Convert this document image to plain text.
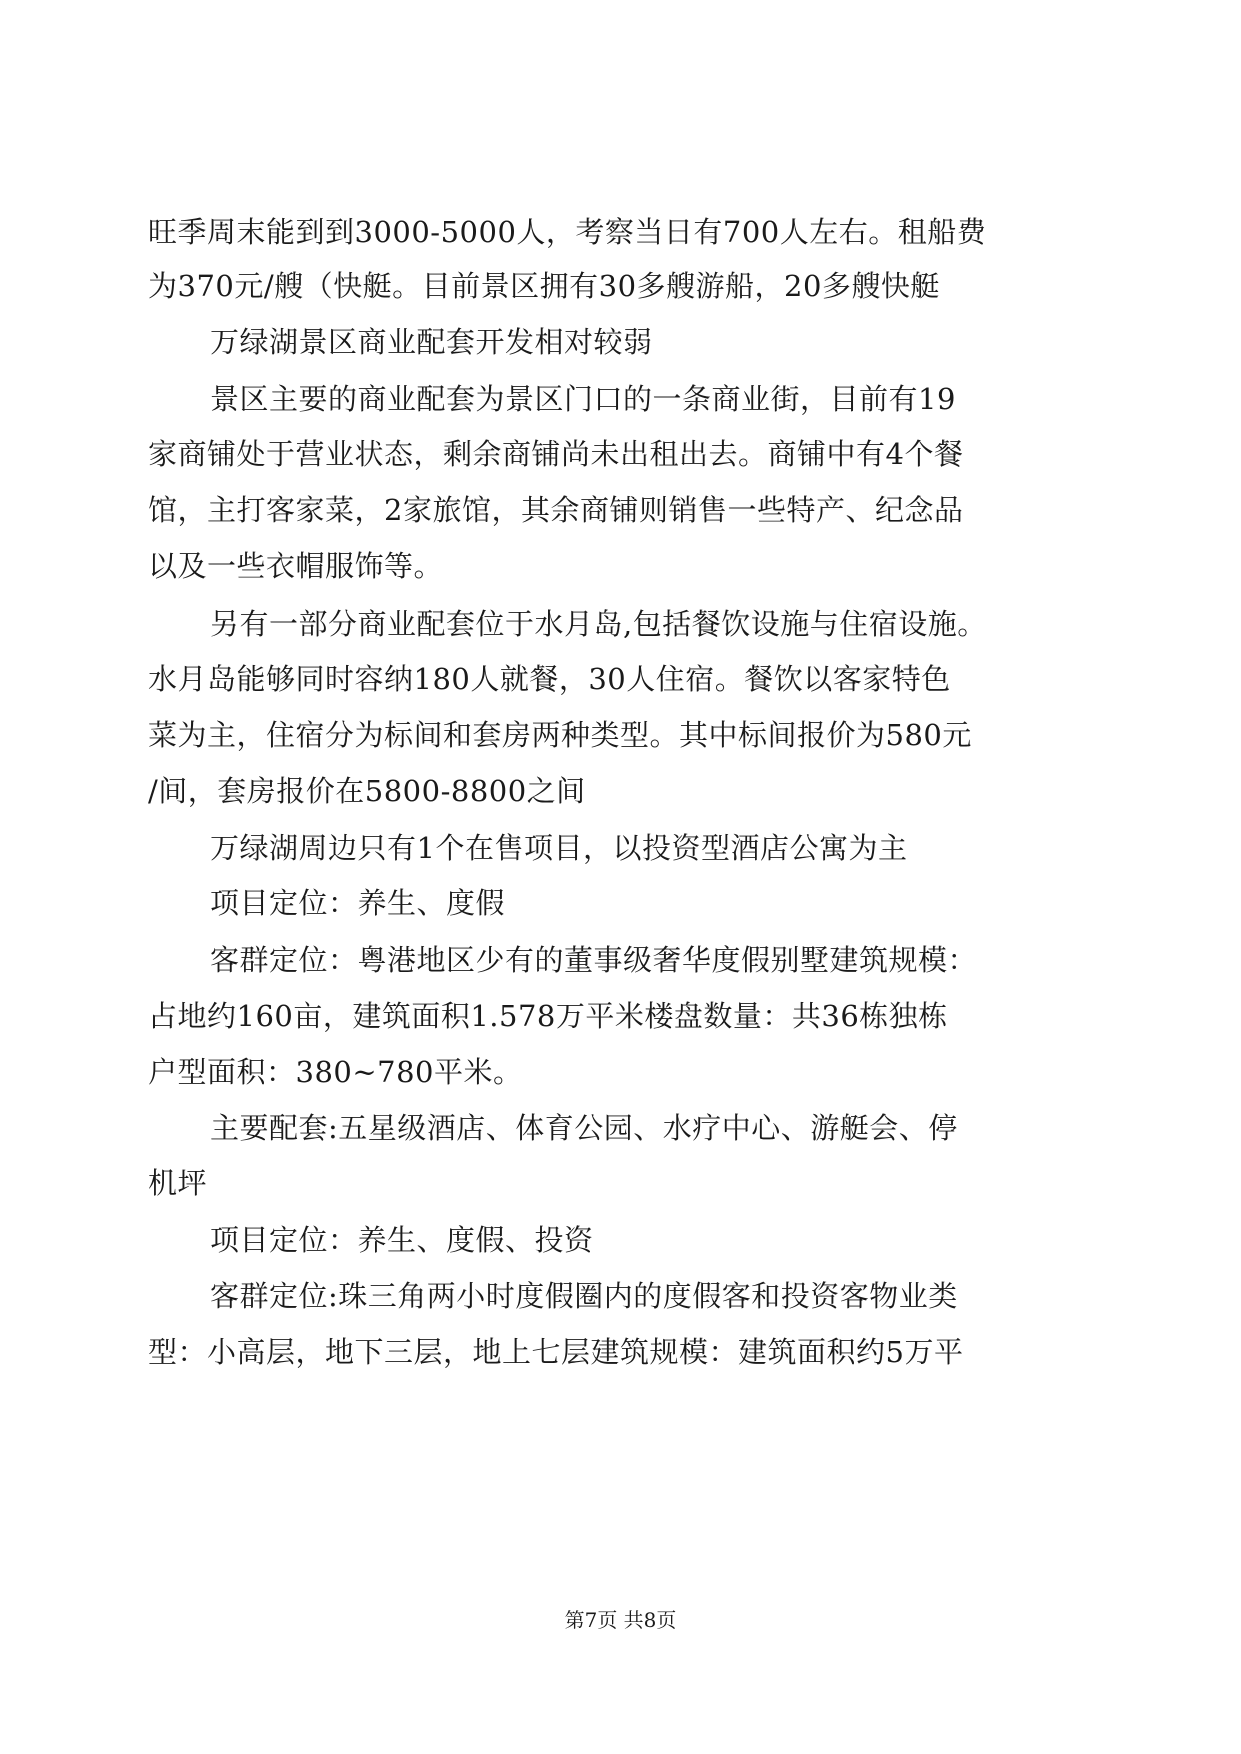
旺季周末能到到3000-5000人，考察当日有700人左右。租船费
为370元/艘（快艇。目前景区拥有30多艘游船，20多艘快艇
万绿湖景区商业配套开发相对较弱
景区主要的商业配套为景区门口的一条商业街，目前有19
家商铺处于营业状态，剩余商铺尚未出租出去。商铺中有4个餐
馆，主打客家菜，2家旅馆，其余商铺则销售一些特产、纪念品
以及一些衣帽服饰等。
另有一部分商业配套位于水月岛,包括餐饮设施与住宿设施。
水月岛能够同时容纳180人就餐，30人住宿。餐饮以客家特色
菜为主，住宿分为标间和套房两种类型。其中标间报价为580元
/间，套房报价在5800-8800之间
万绿湖周边只有1个在售项目，以投资型酒店公寓为主
项目定位：养生、度假
客群定位：粤港地区少有的董事级奢华度假别墅建筑规模：
占地约160亩，建筑面积1.578万平米楼盘数量：共36栋独栋
户型面积：380~780平米。
主要配套:五星级酒店、体育公园、水疗中心、游艇会、停
机坪
项目定位：养生、度假、投资
客群定位:珠三角两小时度假圈内的度假客和投资客物业类
型：小高层，地下三层，地上七层建筑规模：建筑面积约5万平
第7页 共8页
